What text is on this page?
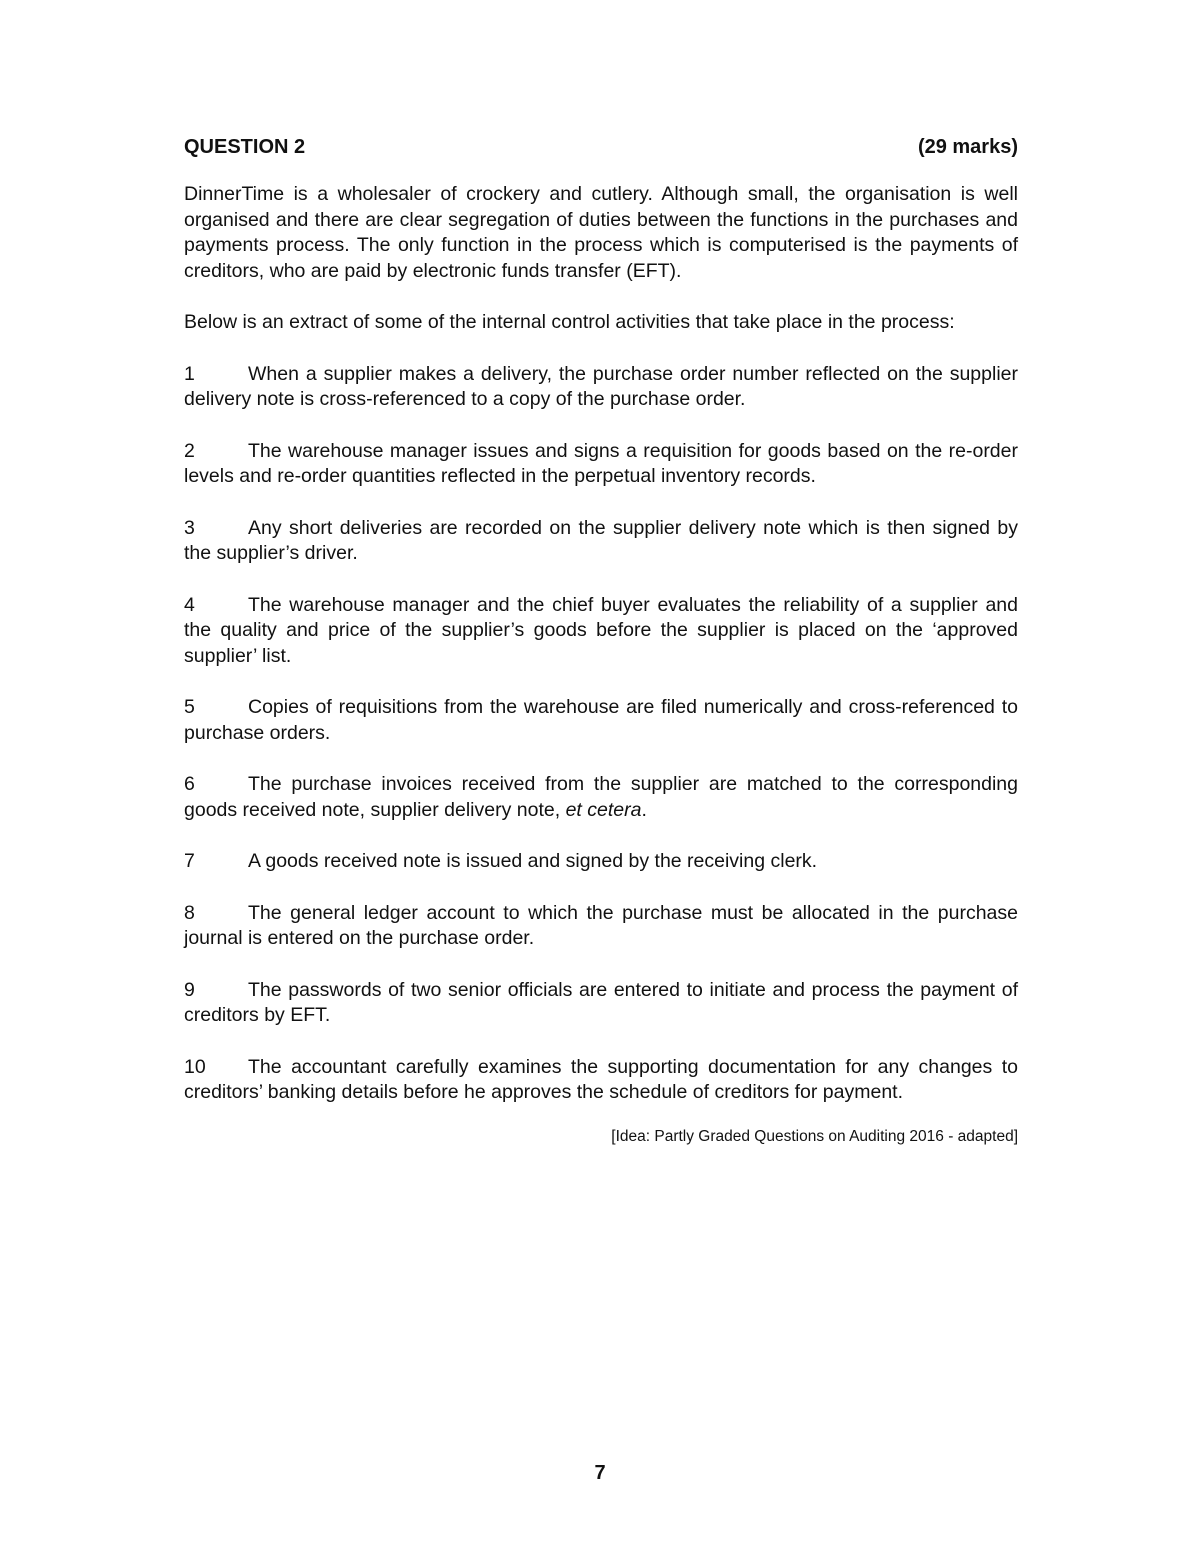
QUESTION 2	(29 marks)

DinnerTime is a wholesaler of crockery and cutlery. Although small, the organisation is well organised and there are clear segregation of duties between the functions in the purchases and payments process. The only function in the process which is computerised is the payments of creditors, who are paid by electronic funds transfer (EFT).

Below is an extract of some of the internal control activities that take place in the process:

1	When a supplier makes a delivery, the purchase order number reflected on the supplier delivery note is cross-referenced to a copy of the purchase order.
2	The warehouse manager issues and signs a requisition for goods based on the re-order levels and re-order quantities reflected in the perpetual inventory records.
3	Any short deliveries are recorded on the supplier delivery note which is then signed by the supplier’s driver.
4	The warehouse manager and the chief buyer evaluates the reliability of a supplier and the quality and price of the supplier’s goods before the supplier is placed on the ‘approved supplier’ list.
5	Copies of requisitions from the warehouse are filed numerically and cross-referenced to purchase orders.
6	The purchase invoices received from the supplier are matched to the corresponding goods received note, supplier delivery note, et cetera.
7	A goods received note is issued and signed by the receiving clerk.
8	The general ledger account to which the purchase must be allocated in the purchase journal is entered on the purchase order.
9	The passwords of two senior officials are entered to initiate and process the payment of creditors by EFT.
10 The accountant carefully examines the supporting documentation for any changes to creditors’ banking details before he approves the schedule of creditors for payment.
[Idea: Partly Graded Questions on Auditing 2016 - adapted]
7
